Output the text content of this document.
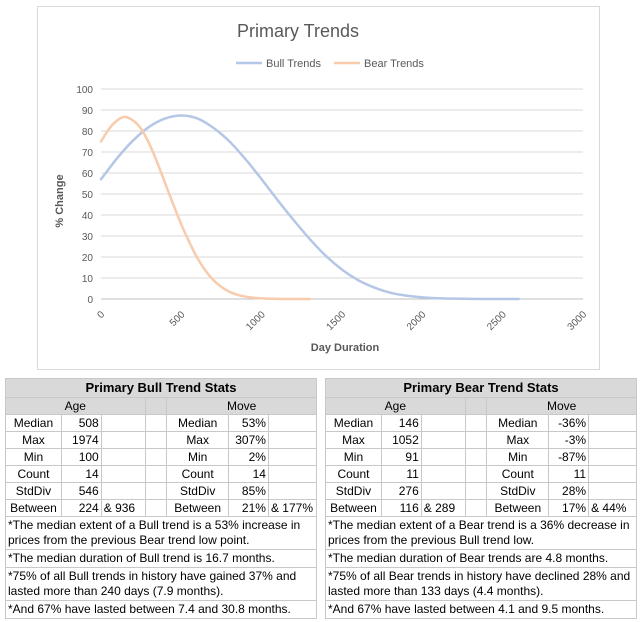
Primary Trends
Bull Trends	Bear Trends
0
10
20
30
40
50
60
70
80
90
100
0	500	1000	1500	2000	2500	3000
% Change
Day Duration
Primary Bull Trend Stats						
Age				Move		
Median	508			Median	53%	
Max	1974			Max	307%	
Min	100			Min	2%	
Count	14			Count	14	
StdDiv	546			StdDiv	85%	
Between	224	& 936		Between	21%	& 177%
*The median extent of a Bull trend is a 53% increase in prices from the previous Bear trend low point.						
*The median duration of Bull trend is 16.7 months.						
*75% of all Bull trends in history have gained 37% and lasted more than 240 days (7.9 months).						
*And 67% have lasted between 7.4 and 30.8 months.						
Primary Bear Trend Stats						
Age				Move		
Median	146			Median	-36%	
Max	1052			Max	-3%	
Min	91			Min	-87%	
Count	11			Count	11	
StdDiv	276			StdDiv	28%	
Between	116	& 289		Between	17%	& 44%
*The median extent of a Bear trend is a 36% decrease in prices from the previous Bull trend low.						
*The median duration of Bear trends are 4.8 months.						
*75% of all Bear trends in history have declined 28% and lasted more than 133 days (4.4 months).						
*And 67% have lasted between 4.1 and 9.5 months.						
